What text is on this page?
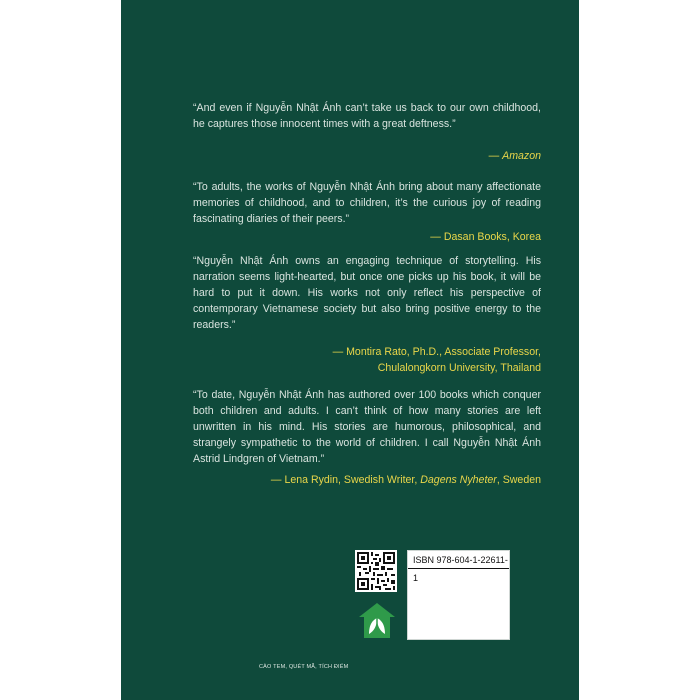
“And even if Nguyễn Nhật Ánh can’t take us back to our own childhood, he captures those innocent times with a great deftness.”

— Amazon

“To adults, the works of Nguyễn Nhật Ánh bring about many affectionate memories of childhood, and to children, it’s the curious joy of reading fascinating diaries of their peers.”

— Dasan Books, Korea

“Nguyễn Nhật Ánh owns an engaging technique of storytelling. His narration seems light-hearted, but once one picks up his book, it will be hard to put it down. His works not only reflect his perspective of contemporary Vietnamese society but also bring positive energy to the readers.”

— Montira Rato, Ph.D., Associate Professor,
Chulalongkorn University, Thailand

“To date, Nguyễn Nhật Ánh has authored over 100 books which conquer both children and adults. I can’t think of how many stories are left unwritten in his mind. His stories are humorous, philosophical, and strangely sympathetic to the world of children. I call Nguyễn Nhật Ánh Astrid Lindgren of Vietnam.”

— Lena Rydin, Swedish Writer, Dagens Nyheter, Sweden
CÀO TEM, QUÉT MÃ, TÍCH ĐIỂM
ISBN 978-604-1-22611-1
